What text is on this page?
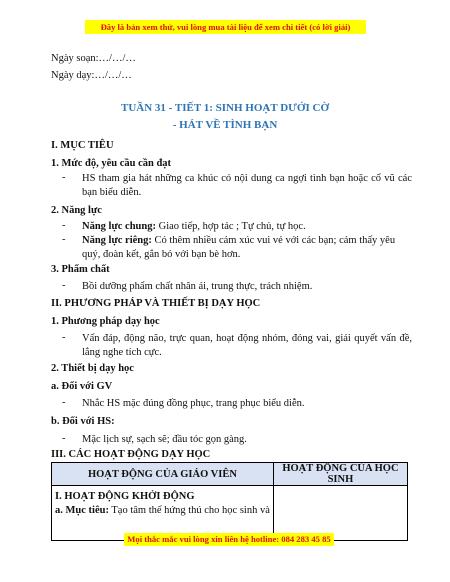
Đây là bản xem thử, vui lòng mua tài liệu để xem chi tiết (có lời giải)
Ngày soạn:…/…/…
Ngày dạy:…/…/…
TUẦN 31 - TIẾT 1: SINH HOẠT DƯỚI CỜ
- HÁT VỀ TÌNH BẠN
I. MỤC TIÊU
1. Mức độ, yêu cầu cần đạt
- HS tham gia hát những ca khúc có nội dung ca ngợi tình bạn hoặc cổ vũ các bạn biểu diễn.
2. Năng lực
- Năng lực chung: Giao tiếp, hợp tác ; Tự chủ, tự học.
- Năng lực riêng: Có thêm nhiều cảm xúc vui vẻ với các bạn; cảm thấy yêu quý, đoàn kết, gắn bó với bạn bè hơn.
3. Phẩm chất
- Bồi dưỡng phẩm chất nhân ái, trung thực, trách nhiệm.
II. PHƯƠNG PHÁP VÀ THIẾT BỊ DẠY HỌC
1. Phương pháp dạy học
- Vấn đáp, động não, trực quan, hoạt động nhóm, đóng vai, giải quyết vấn đề, lắng nghe tích cực.
2. Thiết bị dạy học
a. Đối với GV
- Nhắc HS mặc đúng đồng phục, trang phục biểu diễn.
b. Đối với HS:
- Mặc lịch sự, sạch sẽ; đầu tóc gọn gàng.
III. CÁC HOẠT ĐỘNG DẠY HỌC
HOẠT ĐỘNG CỦA GIÁO VIÊN	HOẠT ĐỘNG CỦA HỌC SINH

I. HOẠT ĐỘNG KHỞI ĐỘNG
a. Mục tiêu: Tạo tâm thế hứng thú cho học sinh và	

Mọi thắc mắc vui lòng xin liên hệ hotline: 084 283 45 85
